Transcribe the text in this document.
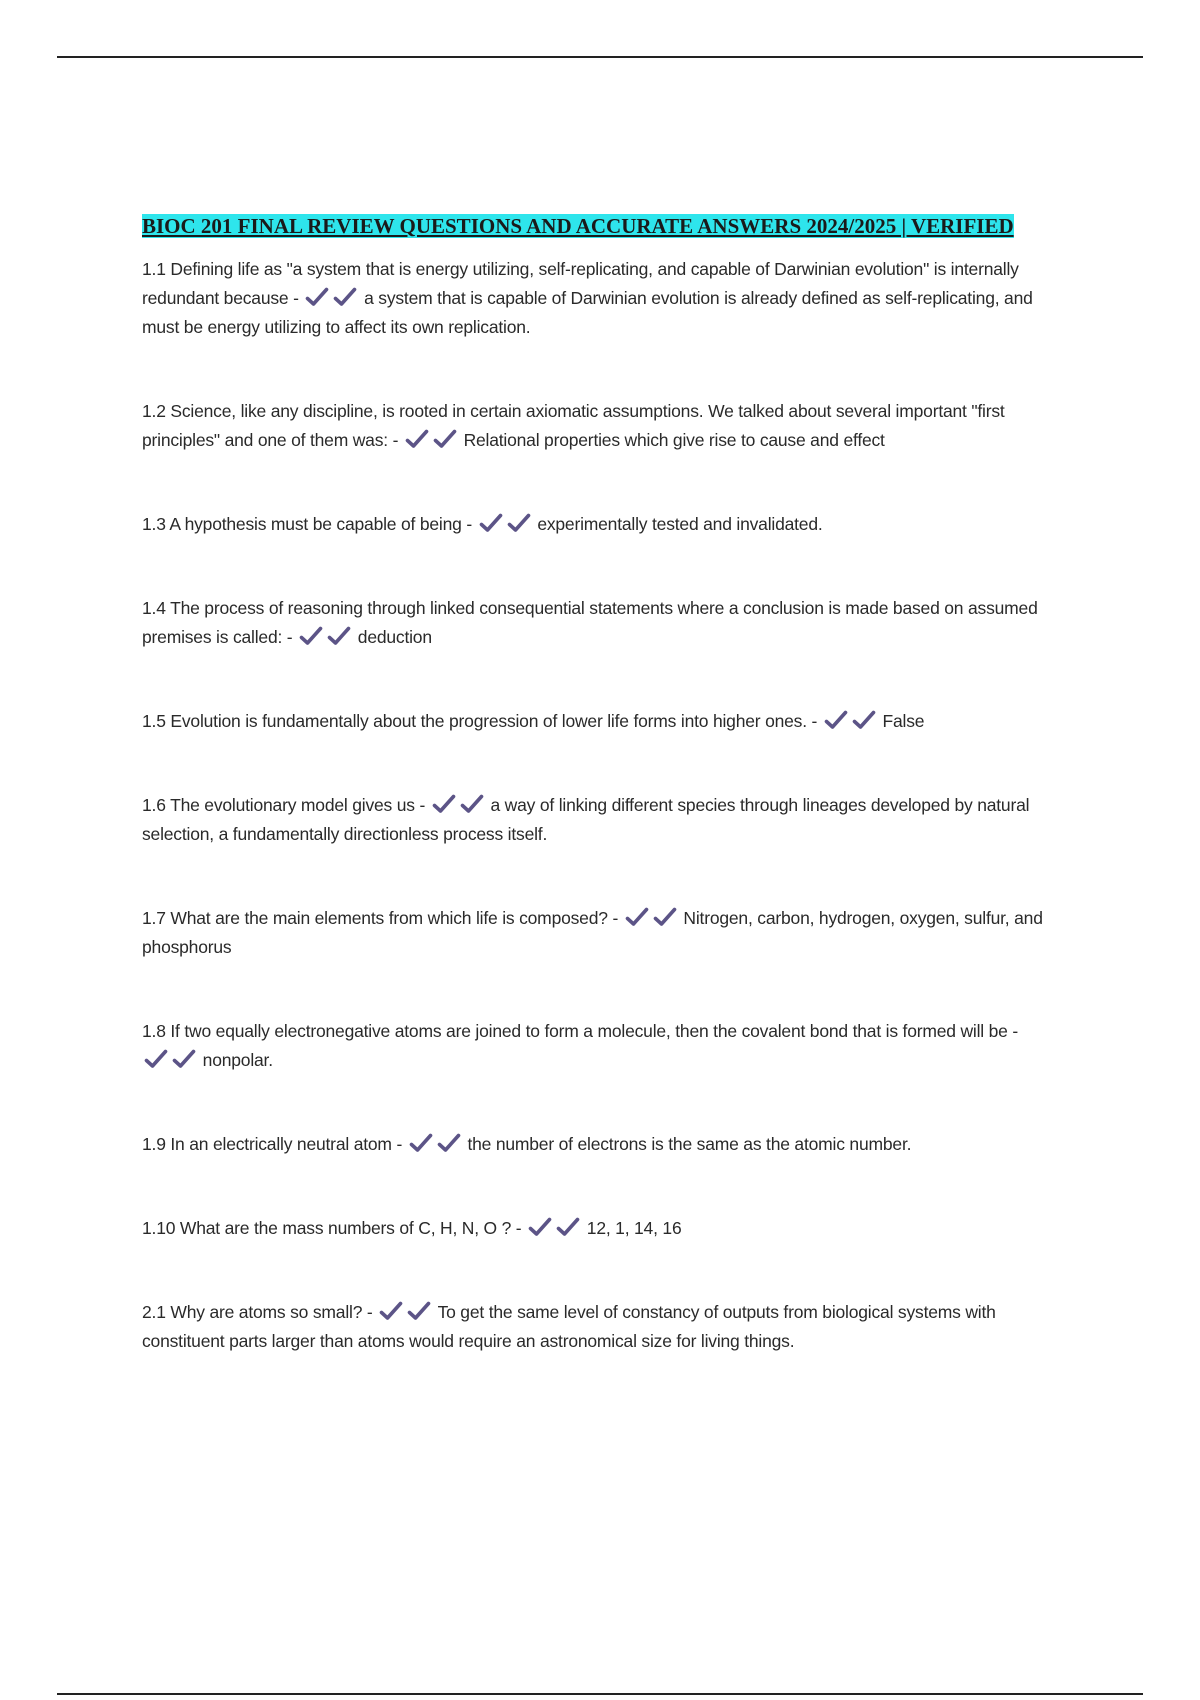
BIOC 201 FINAL REVIEW QUESTIONS AND ACCURATE ANSWERS 2024/2025 | VERIFIED

1.1 Defining life as "a system that is energy utilizing, self-replicating, and capable of Darwinian evolution" is internally redundant because -	a system that is capable of Darwinian evolution is already defined as self-replicating, and must be energy utilizing to affect its own replication.

1.2 Science, like any discipline, is rooted in certain axiomatic assumptions. We talked about several important "first principles" and one of them was: -	Relational properties which give rise to cause and effect

1.3 A hypothesis must be capable of being -	experimentally tested and invalidated.

1.4 The process of reasoning through linked consequential statements where a conclusion is made based on assumed premises is called: -	deduction

1.5 Evolution is fundamentally about the progression of lower life forms into higher ones. -	False

1.6 The evolutionary model gives us -	a way of linking different species through lineages developed by natural selection, a fundamentally directionless process itself.

1.7 What are the main elements from which life is composed? -	Nitrogen, carbon, hydrogen, oxygen, sulfur, and phosphorus

1.8 If two equally electronegative atoms are joined to form a molecule, then the covalent bond that is formed will be -
nonpolar.

1.9 In an electrically neutral atom -	the number of electrons is the same as the atomic number.

1.10 What are the mass numbers of C, H, N, O ? -	12, 1, 14, 16

2.1 Why are atoms so small? -	To get the same level of constancy of outputs from biological systems with constituent parts larger than atoms would require an astronomical size for living things.
